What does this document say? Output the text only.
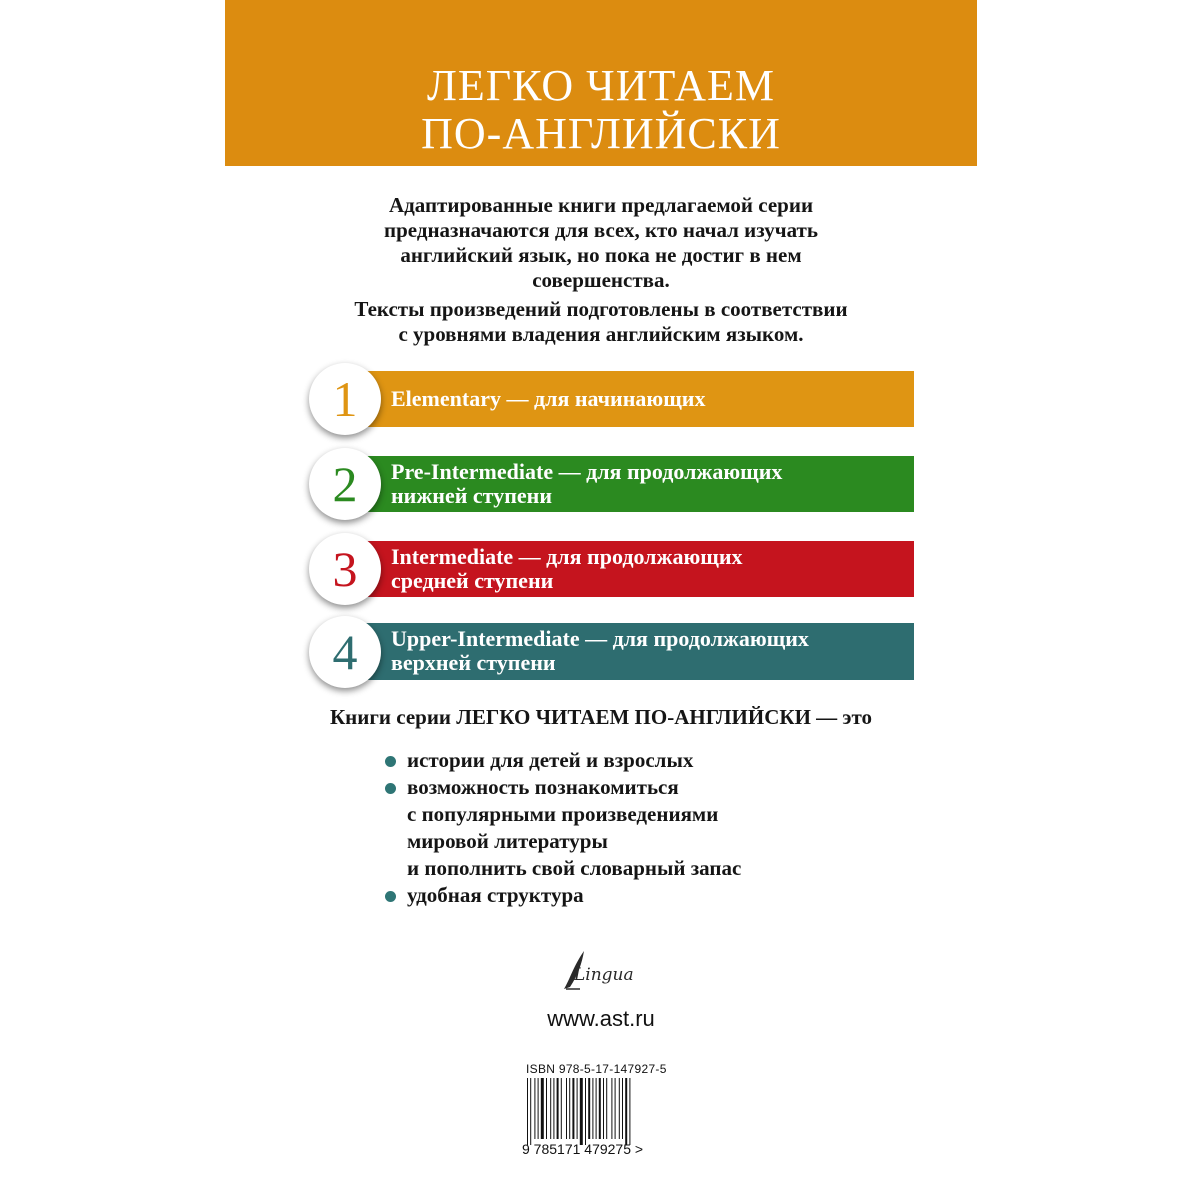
ЛЕГКО ЧИТАЕМ
ПО-АНГЛИЙСКИ

Адаптированные книги предлагаемой серии

предназначаются для всех, кто начал изучать

английский язык, но пока не достиг в нем

совершенства.

Тексты произведений подготовлены в соответствии

с уровнями владения английским языком.

Elementary — для начинающих
1
Pre-Intermediate — для продолжающих
нижней ступени
2
Intermediate — для продолжающих
средней ступени
3
Upper-Intermediate — для продолжающих
верхней ступени
4
Книги серии ЛЕГКО ЧИТАЕМ ПО-АНГЛИЙСКИ — это
истории для детей и взрослых
возможность познакомиться
с популярными произведениями
мировой литературы
и пополнить свой словарный запас
удобная структура
Lingua
www.ast.ru
ISBN 978-5-17-147927-5
9 785171 479275 >
